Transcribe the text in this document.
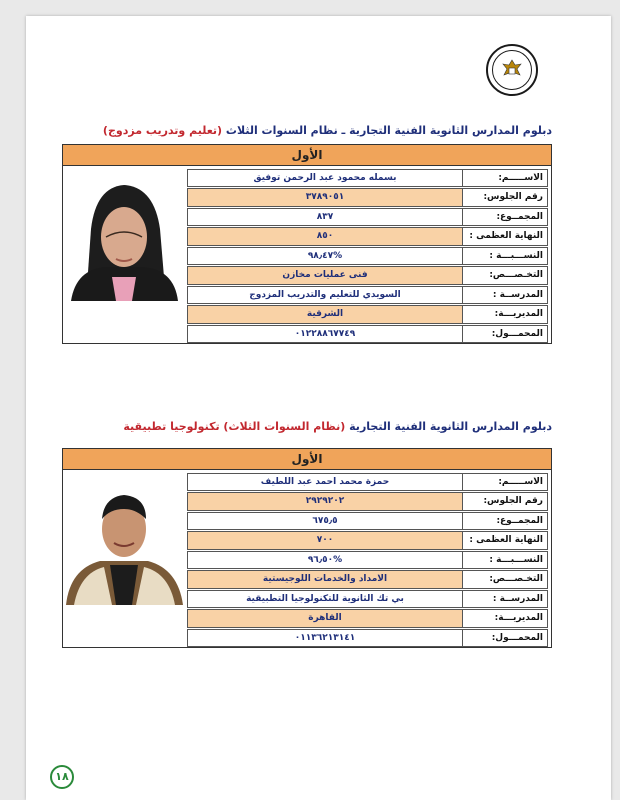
دبلوم المدارس الثانوية الفنية التجارية ـ نظام السنوات الثلاث (تعليم وتدريب مزدوج)
الأول
بسمله محمود عبد الرحمن توفيق	الاســـــم:
٣٧٨٩٠٥١	رقم الجلوس:
٨٣٧	المجمــوع:
٨٥٠	النهاية العظمى :
%٩٨٫٤٧	النســـبـــة :
فنى عمليات مخازن	التخـصـــص:
السويدي للتعليم والتدريب المزدوج	المدرســة :
الشرقية	المديريـــة:
٠١٢٢٨٨٦٧٧٤٩	المحمـــول:
دبلوم المدارس الثانوية الفنية التجارية (نظام السنوات الثلاث) تكنولوجيا تطبيقية
الأول
حمزة محمد احمد عبد اللطيف	الاســـــم:
٢٩٢٩٢٠٢	رقم الجلوس:
٦٧٥٫٥	المجمــوع:
٧٠٠	النهاية العظمى :
%٩٦٫٥٠	النســـبـــة :
الامداد والخدمات اللوجيستية	التخـصـــص:
بي تك الثانوية للتكنولوجيا التطبيقية	المدرســة :
القاهرة	المديريـــة:
٠١١٣٦٢١٣١٤١	المحمـــول:
١٨
